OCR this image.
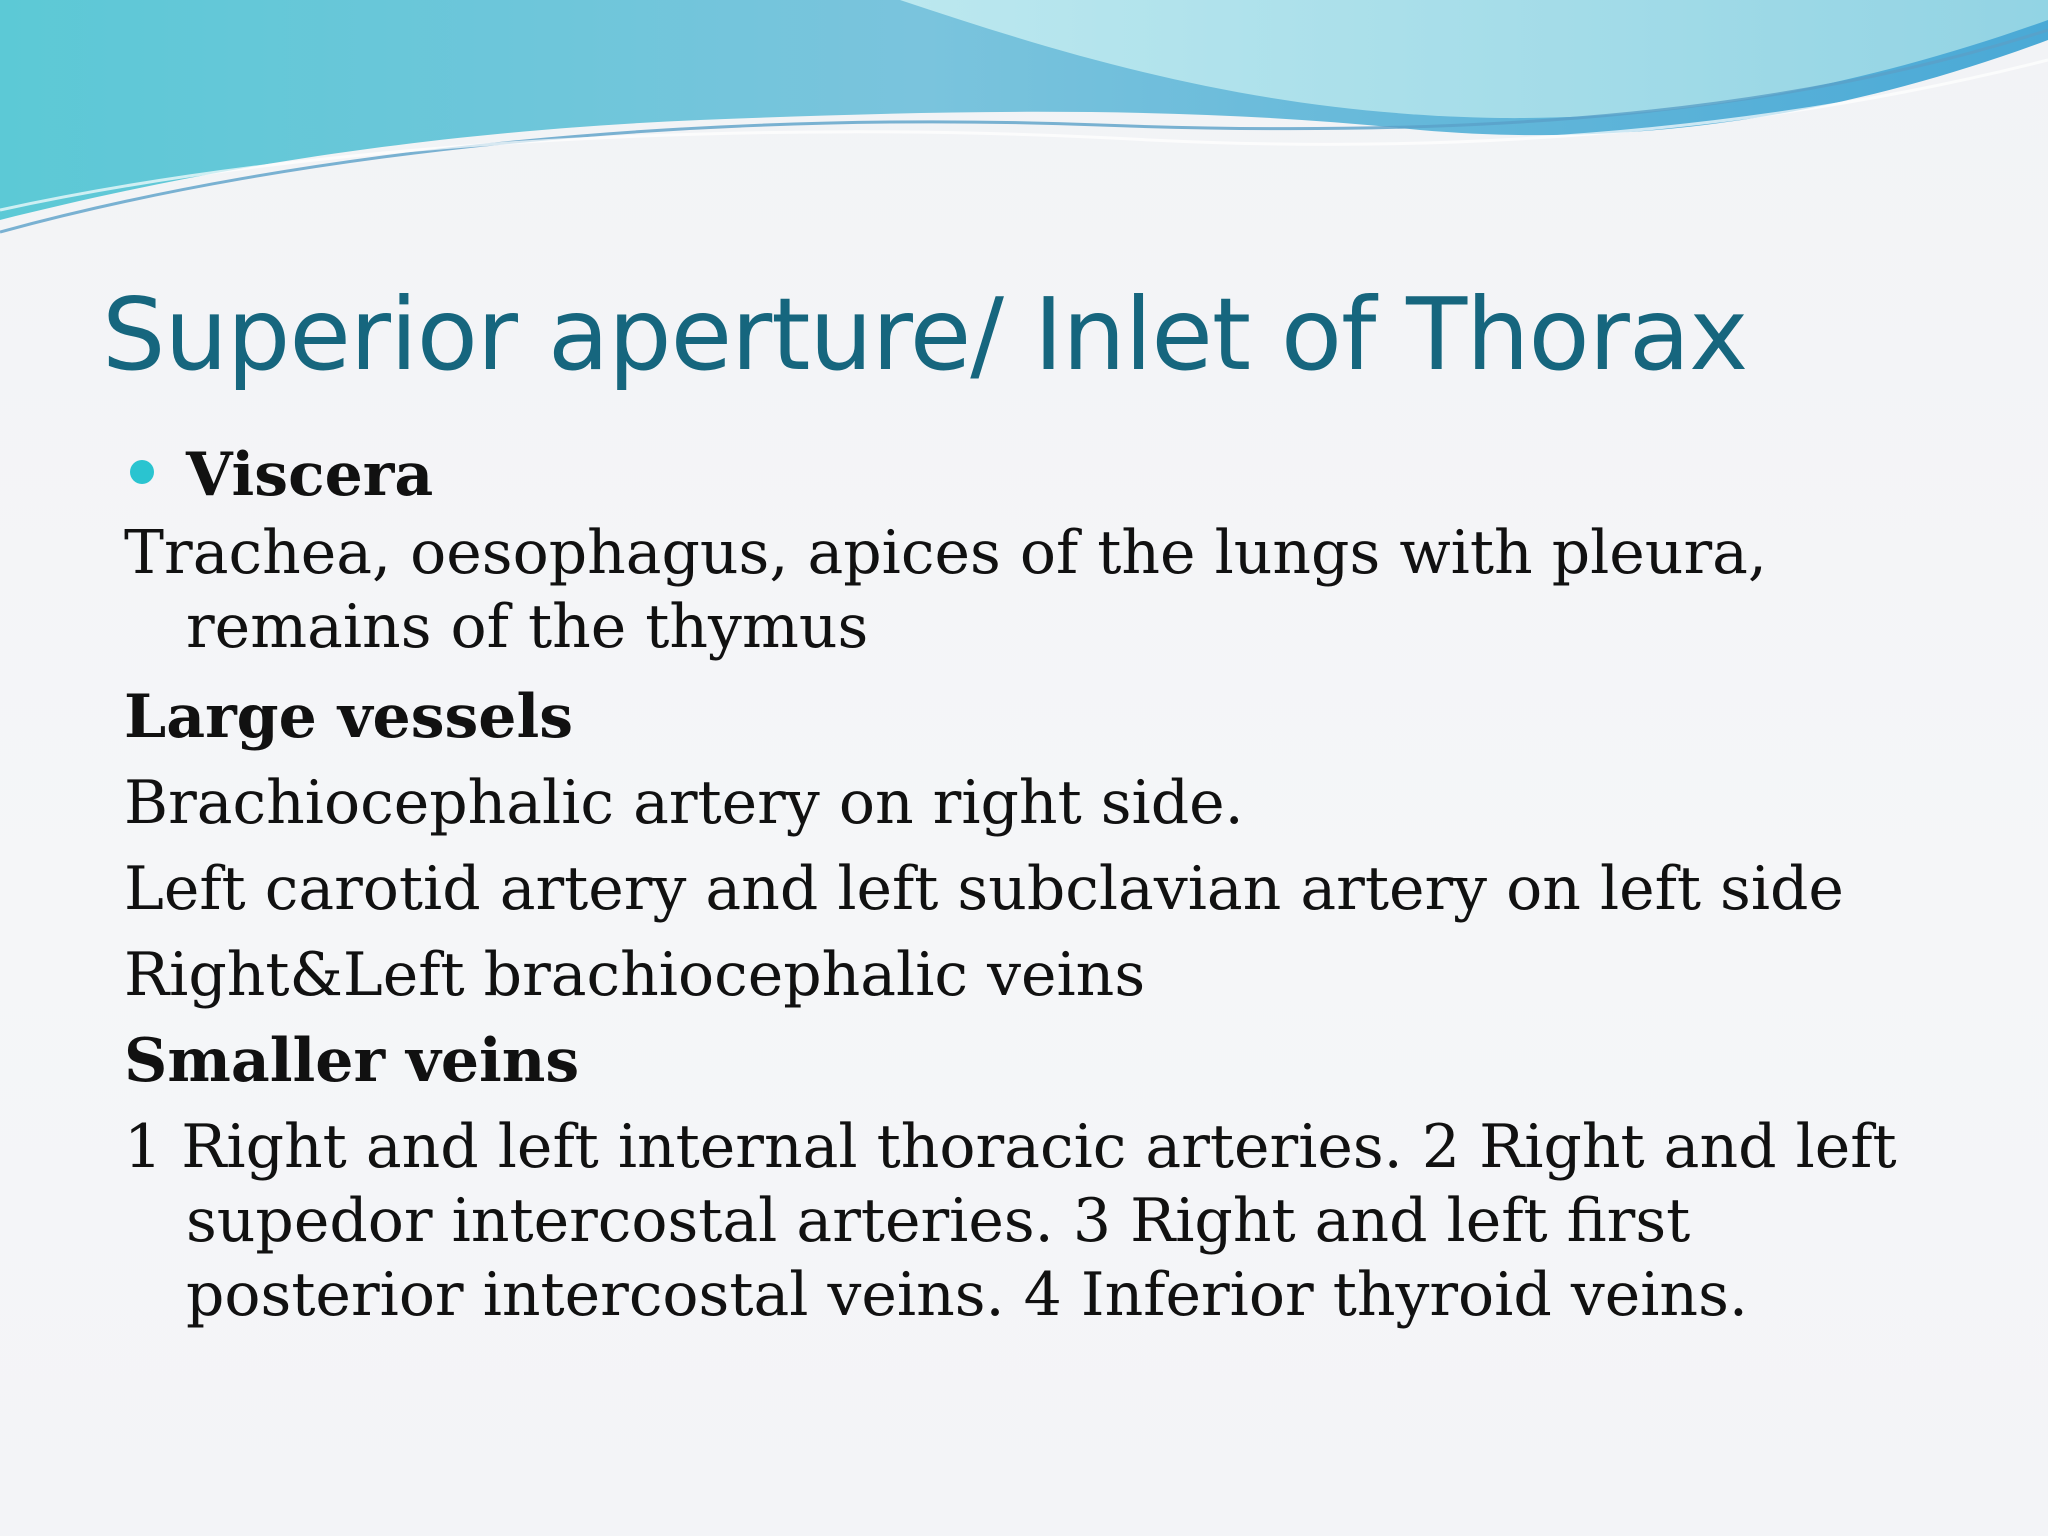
Superior aperture/ Inlet of Thorax

Viscera

Trachea, oesophagus, apices of the lungs with pleura, remains of the thymus

Large vessels

Brachiocephalic artery on right side.

Left carotid artery and left subclavian artery on left side

Right&Left brachiocephalic veins

Smaller veins

1 Right and left internal thoracic arteries. 2 Right and left supedor intercostal arteries. 3 Right and left first posterior intercostal veins. 4 Inferior thyroid veins.
